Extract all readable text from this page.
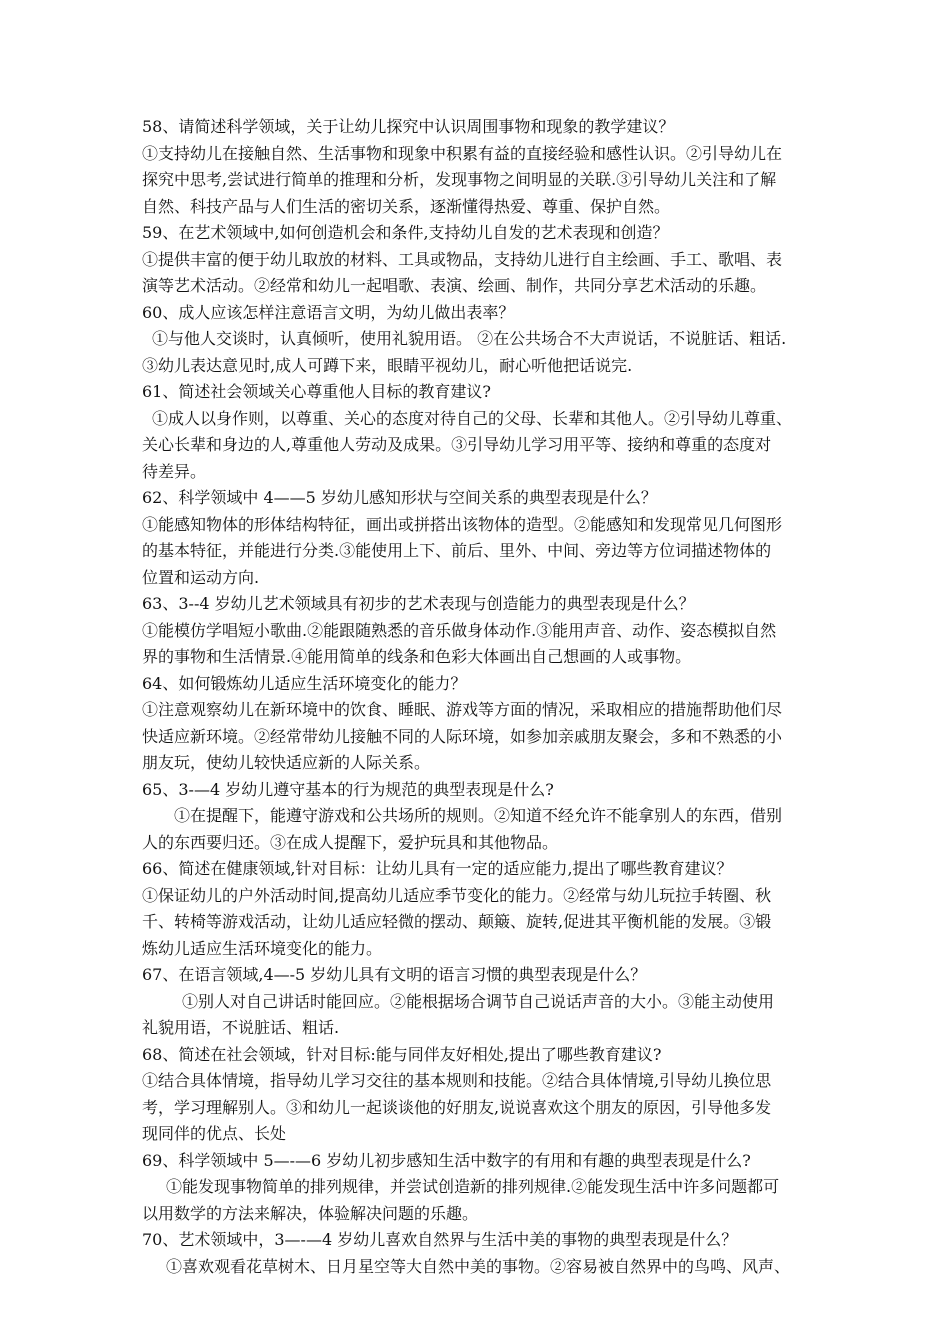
58、请简述科学领域，关于让幼儿探究中认识周围事物和现象的教学建议？
①支持幼儿在接触自然、生活事物和现象中积累有益的直接经验和感性认识。②引导幼儿在
探究中思考,尝试进行简单的推理和分析，发现事物之间明显的关联.③引导幼儿关注和了解
自然、科技产品与人们生活的密切关系，逐渐懂得热爱、尊重、保护自然。
59、在艺术领域中,如何创造机会和条件,支持幼儿自发的艺术表现和创造？
①提供丰富的便于幼儿取放的材料、工具或物品，支持幼儿进行自主绘画、手工、歌唱、表
演等艺术活动。②经常和幼儿一起唱歌、表演、绘画、制作，共同分享艺术活动的乐趣。
60、成人应该怎样注意语言文明，为幼儿做出表率？
①与他人交谈时，认真倾听，使用礼貌用语。 ②在公共场合不大声说话，不说脏话、粗话.
③幼儿表达意见时,成人可蹲下来，眼睛平视幼儿，耐心听他把话说完.
61、简述社会领域关心尊重他人目标的教育建议?
①成人以身作则，以尊重、关心的态度对待自己的父母、长辈和其他人。②引导幼儿尊重、
关心长辈和身边的人,尊重他人劳动及成果。③引导幼儿学习用平等、接纳和尊重的态度对
待差异。
62、科学领域中 4——5 岁幼儿感知形状与空间关系的典型表现是什么？
①能感知物体的形体结构特征，画出或拼搭出该物体的造型。②能感知和发现常见几何图形
的基本特征，并能进行分类.③能使用上下、前后、里外、中间、旁边等方位词描述物体的
位置和运动方向.
63、3--4 岁幼儿艺术领域具有初步的艺术表现与创造能力的典型表现是什么？
①能模仿学唱短小歌曲.②能跟随熟悉的音乐做身体动作.③能用声音、动作、姿态模拟自然
界的事物和生活情景.④能用简单的线条和色彩大体画出自己想画的人或事物。
64、如何锻炼幼儿适应生活环境变化的能力？
①注意观察幼儿在新环境中的饮食、睡眠、游戏等方面的情况，采取相应的措施帮助他们尽
快适应新环境。②经常带幼儿接触不同的人际环境，如参加亲戚朋友聚会，多和不熟悉的小
朋友玩，使幼儿较快适应新的人际关系。
65、3-—4 岁幼儿遵守基本的行为规范的典型表现是什么?
①在提醒下，能遵守游戏和公共场所的规则。②知道不经允许不能拿别人的东西，借别
人的东西要归还。③在成人提醒下，爱护玩具和其他物品。
66、简述在健康领域,针对目标：让幼儿具有一定的适应能力,提出了哪些教育建议？
①保证幼儿的户外活动时间,提高幼儿适应季节变化的能力。②经常与幼儿玩拉手转圈、秋
千、转椅等游戏活动，让幼儿适应轻微的摆动、颠簸、旋转,促进其平衡机能的发展。③锻
炼幼儿适应生活环境变化的能力。
67、在语言领域,4—-5 岁幼儿具有文明的语言习惯的典型表现是什么？
①别人对自己讲话时能回应。②能根据场合调节自己说话声音的大小。③能主动使用
礼貌用语，不说脏话、粗话.
68、简述在社会领域，针对目标:能与同伴友好相处,提出了哪些教育建议?
①结合具体情境，指导幼儿学习交往的基本规则和技能。②结合具体情境,引导幼儿换位思
考，学习理解别人。③和幼儿一起谈谈他的好朋友,说说喜欢这个朋友的原因，引导他多发
现同伴的优点、长处
69、科学领域中 5—-—6 岁幼儿初步感知生活中数字的有用和有趣的典型表现是什么?
①能发现事物简单的排列规律，并尝试创造新的排列规律.②能发现生活中许多问题都可
以用数学的方法来解决，体验解决问题的乐趣。
70、艺术领域中，3—-—4 岁幼儿喜欢自然界与生活中美的事物的典型表现是什么？
①喜欢观看花草树木、日月星空等大自然中美的事物。②容易被自然界中的鸟鸣、风声、
